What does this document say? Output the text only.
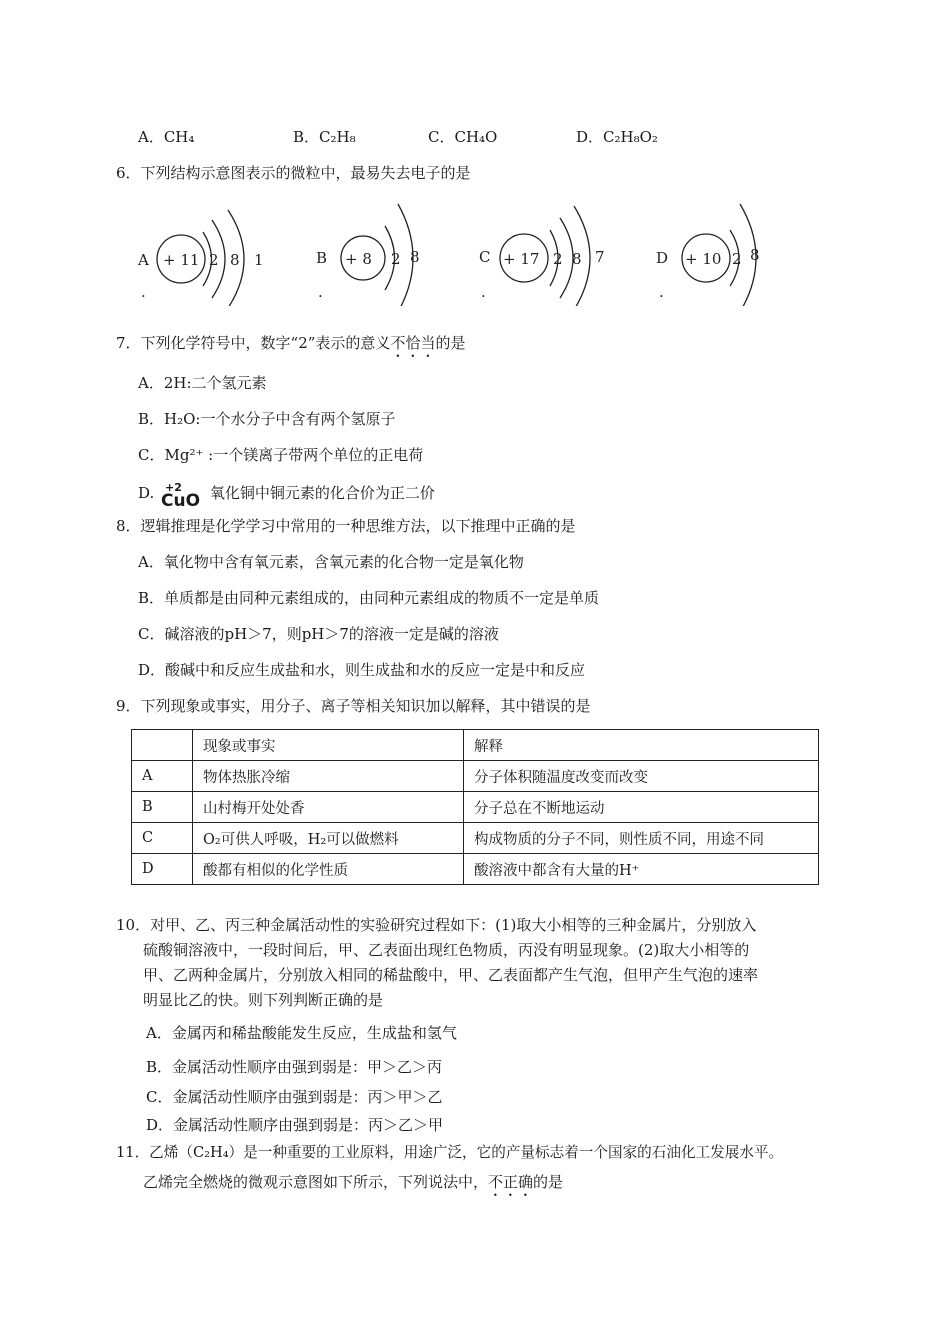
A．CH₄	B．C₂H₈	C．CH₄O	D．C₂H₈O₂
6．下列结构示意图表示的微粒中，最易失去电子的是
A + 11 2 8 1
.
B + 8 2 8
.
C + 17 2 8 7
.
D + 10 2 8
.
7．下列化学符号中，数字“2”表示的意义不恰当的是
A．2H:二个氢元素
B．H₂O:一个水分子中含有两个氢原子
C．Mg²⁺ :一个镁离子带两个单位的正电荷
D. +2
CuO 氧化铜中铜元素的化合价为正二价
8．逻辑推理是化学学习中常用的一种思维方法，以下推理中正确的是
A．氧化物中含有氧元素，含氧元素的化合物一定是氧化物
B．单质都是由同种元素组成的，由同种元素组成的物质不一定是单质
C．碱溶液的pH＞7，则pH＞7的溶液一定是碱的溶液
D．酸碱中和反应生成盐和水，则生成盐和水的反应一定是中和反应
9．下列现象或事实，用分子、离子等相关知识加以解释，其中错误的是
	现象或事实	解释
A	物体热胀冷缩	分子体积随温度改变而改变
B	山村梅开处处香	分子总在不断地运动
C	O₂可供人呼吸，H₂可以做燃料	构成物质的分子不同，则性质不同，用途不同
D	酸都有相似的化学性质	酸溶液中都含有大量的H⁺
10．对甲、乙、丙三种金属活动性的实验研究过程如下：(1)取大小相等的三种金属片，分别放入
硫酸铜溶液中，一段时间后，甲、乙表面出现红色物质，丙没有明显现象。(2)取大小相等的
甲、乙两种金属片，分别放入相同的稀盐酸中，甲、乙表面都产生气泡，但甲产生气泡的速率
明显比乙的快。则下列判断正确的是
A．金属丙和稀盐酸能发生反应，生成盐和氢气
B．金属活动性顺序由强到弱是：甲＞乙＞丙
C．金属活动性顺序由强到弱是：丙＞甲＞乙
D．金属活动性顺序由强到弱是：丙＞乙＞甲
11．乙烯（C₂H₄）是一种重要的工业原料，用途广泛，它的产量标志着一个国家的石油化工发展水平。
乙烯完全燃烧的微观示意图如下所示，下列说法中，不正确的是
